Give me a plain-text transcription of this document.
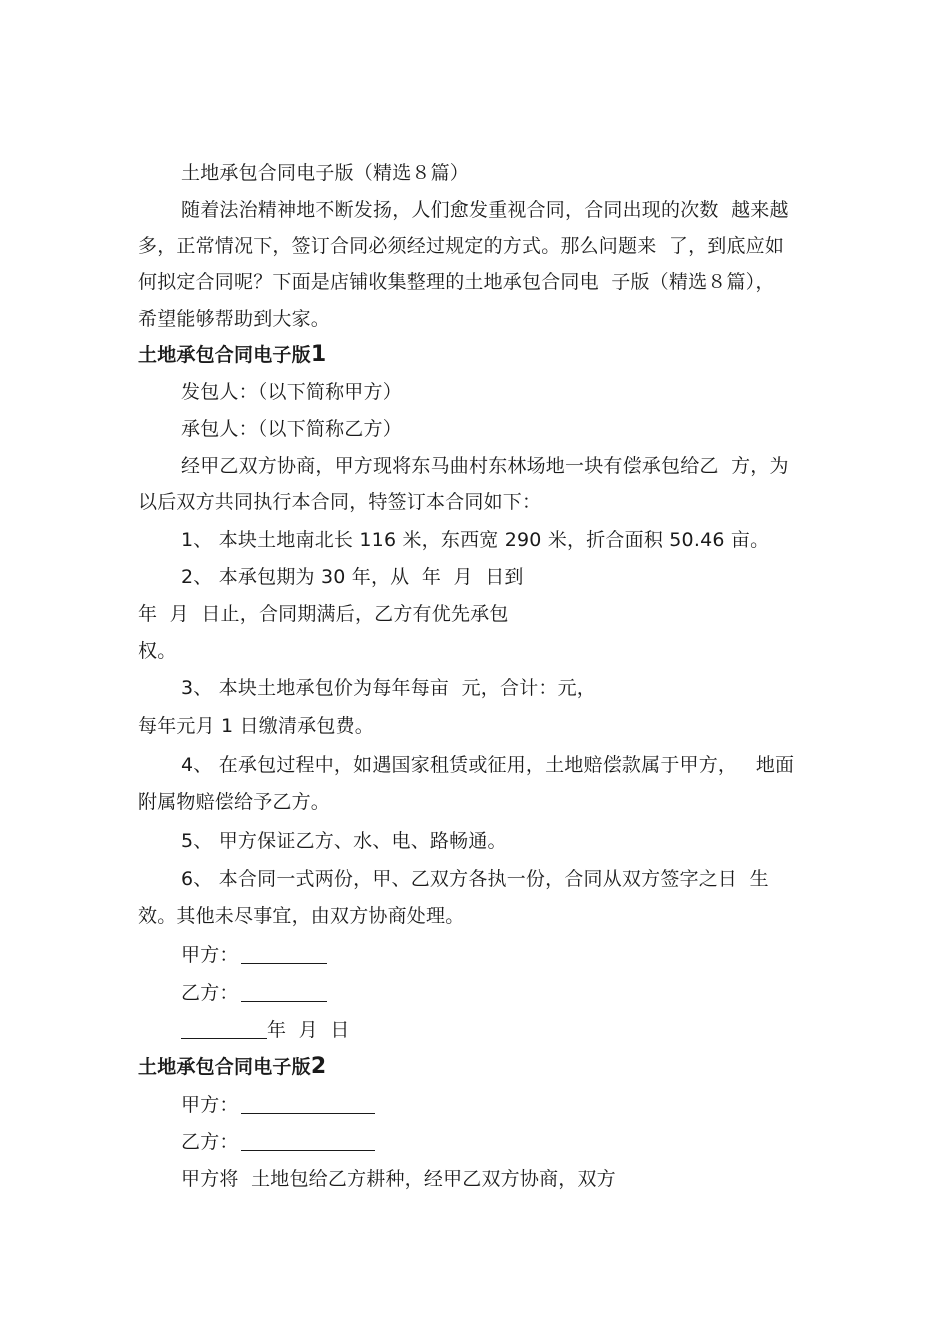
土地承包合同电子版（精选８篇）
随着法治精神地不断发扬，人们愈发重视合同，合同出现的次数  越来越
多，正常情况下，签订合同必须经过规定的方式。那么问题来  了，到底应如
何拟定合同呢？下面是店铺收集整理的土地承包合同电  子版（精选８篇），
希望能够帮助到大家。
土地承包合同电子版1
发包人：（以下简称甲方）
承包人：（以下简称乙方）
经甲乙双方协商，甲方现将东马曲村东林场地一块有偿承包给乙  方，为
以后双方共同执行本合同，特签订本合同如下：
1、 本块土地南北长 116 米，东西宽 290 米，折合面积 50.46 亩。
2、 本承包期为 30 年，从  年  月  日到
年  月  日止，合同期满后，乙方有优先承包
权。
3、 本块土地承包价为每年每亩  元，合计：元，
每年元月 1 日缴清承包费。
4、 在承包过程中，如遇国家租赁或征用，土地赔偿款属于甲方，   地面
附属物赔偿给予乙方。
5、 甲方保证乙方、水、电、路畅通。
6、 本合同一式两份，甲、乙双方各执一份，合同从双方签字之日  生
效。其他未尽事宜，由双方协商处理。
甲方：
乙方：
年  月  日
土地承包合同电子版2
甲方：
乙方：
甲方将  土地包给乙方耕种，经甲乙双方协商，双方
